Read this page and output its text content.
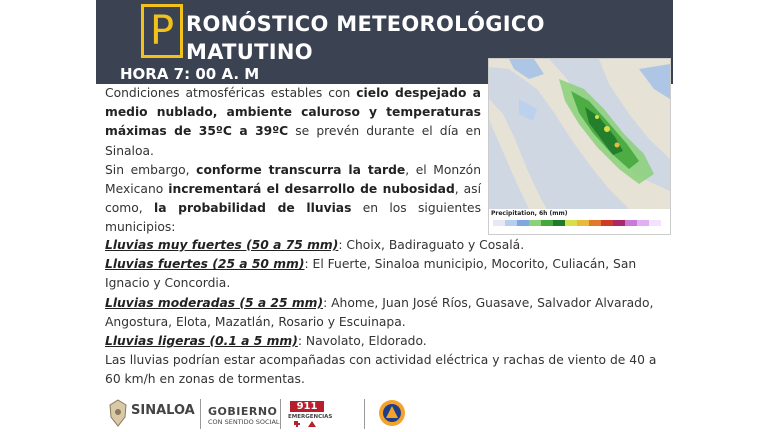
P RONÓSTICO METEOROLÓGICO MATUTINO
HORA 7: 00 A. M
Precipitation, 6h (mm)

Condiciones atmosféricas estables con cielo despejado a medio nublado, ambiente caluroso y temperaturas máximas de 35ºC a 39ºC se prevén durante el día en Sinaloa.

Sin embargo, conforme transcurra la tarde, el Monzón Mexicano incrementará el desarrollo de nubosidad, así como, la probabilidad de lluvias en los siguientes municipios:

Lluvias muy fuertes (50 a 75 mm): Choix, Badiraguato y Cosalá.

Lluvias fuertes (25 a 50 mm): El Fuerte, Sinaloa municipio, Mocorito, Culiacán, San Ignacio y Concordia.

Lluvias moderadas (5 a 25 mm): Ahome, Juan José Ríos, Guasave, Salvador Alvarado, Angostura, Elota, Mazatlán, Rosario y Escuinapa.

Lluvias ligeras (0.1 a 5 mm): Navolato, Eldorado.

Las lluvias podrían estar acompañadas con actividad eléctrica y rachas de viento de 40 a 60 km/h en zonas de tormentas.

SINALOA GOBIERNO
CON SENTIDO SOCIAL
911
EMERGENCIAS
